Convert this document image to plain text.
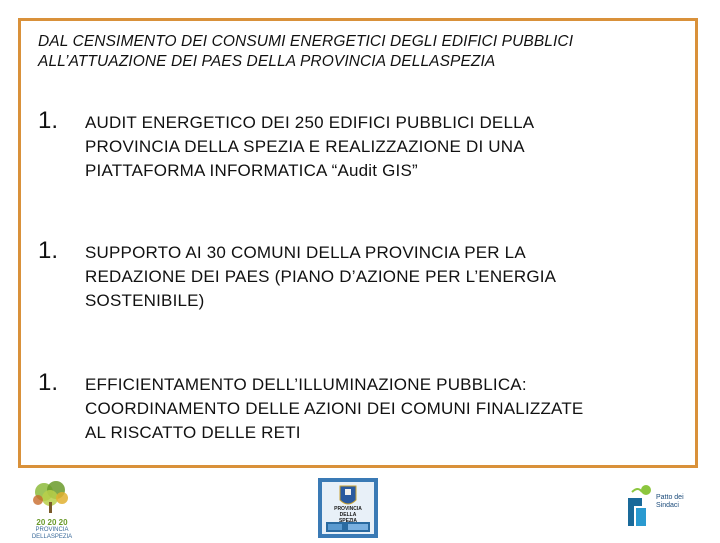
DAL CENSIMENTO DEI CONSUMI ENERGETICI DEGLI EDIFICI PUBBLICI
ALL’ATTUAZIONE DEI PAES DELLA PROVINCIA DELLASPEZIA
1. AUDIT ENERGETICO DEI 250 EDIFICI PUBBLICI DELLA
PROVINCIA DELLA SPEZIA E REALIZZAZIONE DI UNA
PIATTAFORMA INFORMATICA “Audit GIS”
1. SUPPORTO AI 30 COMUNI DELLA PROVINCIA PER LA
REDAZIONE DEI PAES (PIANO D’AZIONE PER L’ENERGIA
SOSTENIBILE)
1. EFFICIENTAMENTO DELL’ILLUMINAZIONE PUBBLICA:
COORDINAMENTO DELLE AZIONI DEI COMUNI FINALIZZATE
AL RISCATTO DELLE RETI
20 20 20
PROVINCIA
DELLASPEZIA
PROVINCIA
DELLA
SPEZIA
Patto dei
Sindaci
